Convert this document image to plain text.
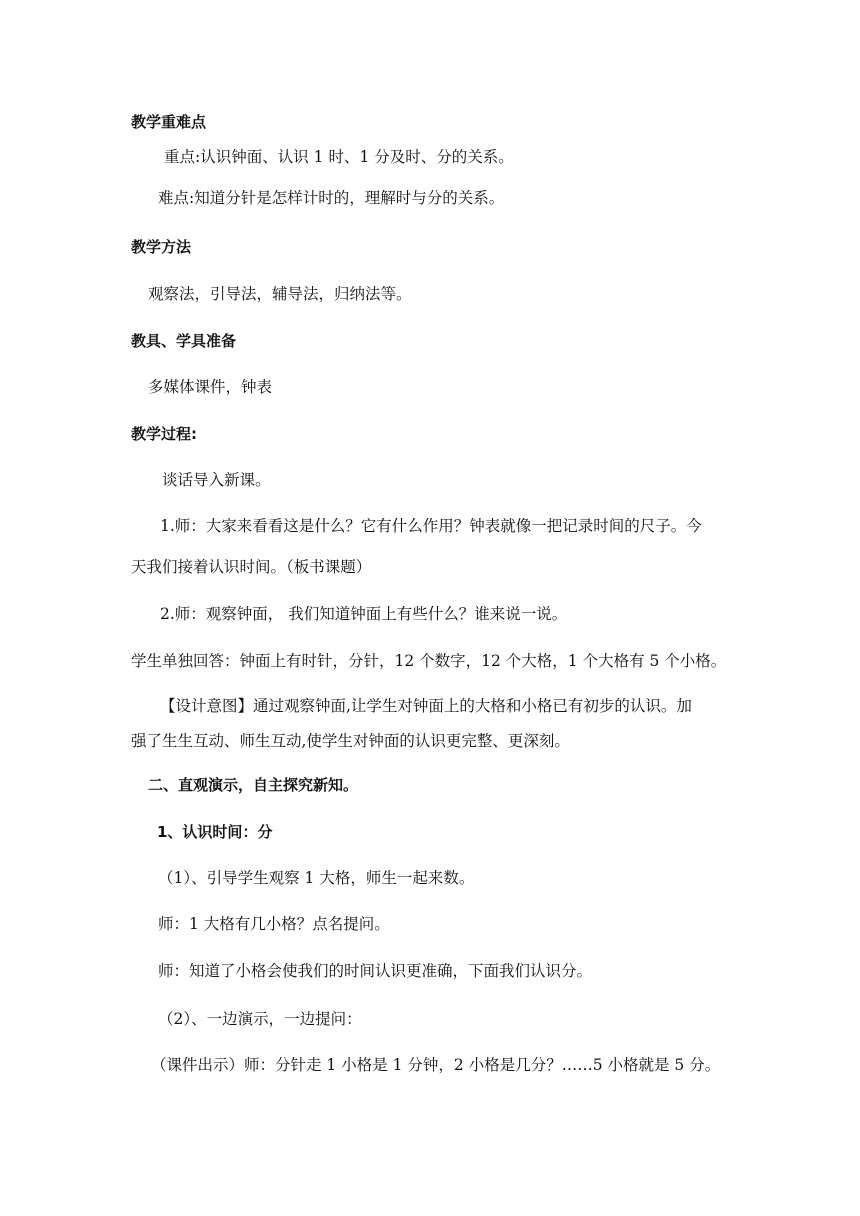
教学重难点
重点:认识钟面、认识 1 时、1 分及时、分的关系。
难点:知道分针是怎样计时的，理解时与分的关系。
教学方法
观察法，引导法，辅导法，归纳法等。
教具、学具准备
多媒体课件，钟表
教学过程:
谈话导入新课。
1.师：大家来看看这是什么？它有什么作用？钟表就像一把记录时间的尺子。今
天我们接着认识时间。（板书课题）
2.师：观察钟面， 我们知道钟面上有些什么？谁来说一说。
学生单独回答：钟面上有时针，分针，12 个数字，12 个大格，1 个大格有 5 个小格。
【设计意图】通过观察钟面,让学生对钟面上的大格和小格已有初步的认识。加
强了生生互动、师生互动,使学生对钟面的认识更完整、更深刻。
二、直观演示，自主探究新知。
1、认识时间：分
（1）、引导学生观察 1 大格，师生一起来数。
师：1 大格有几小格？点名提问。
师：知道了小格会使我们的时间认识更准确，下面我们认识分。
（2）、一边演示，一边提问：
（课件出示）师：分针走 1 小格是 1 分钟，2 小格是几分？……5 小格就是 5 分。
